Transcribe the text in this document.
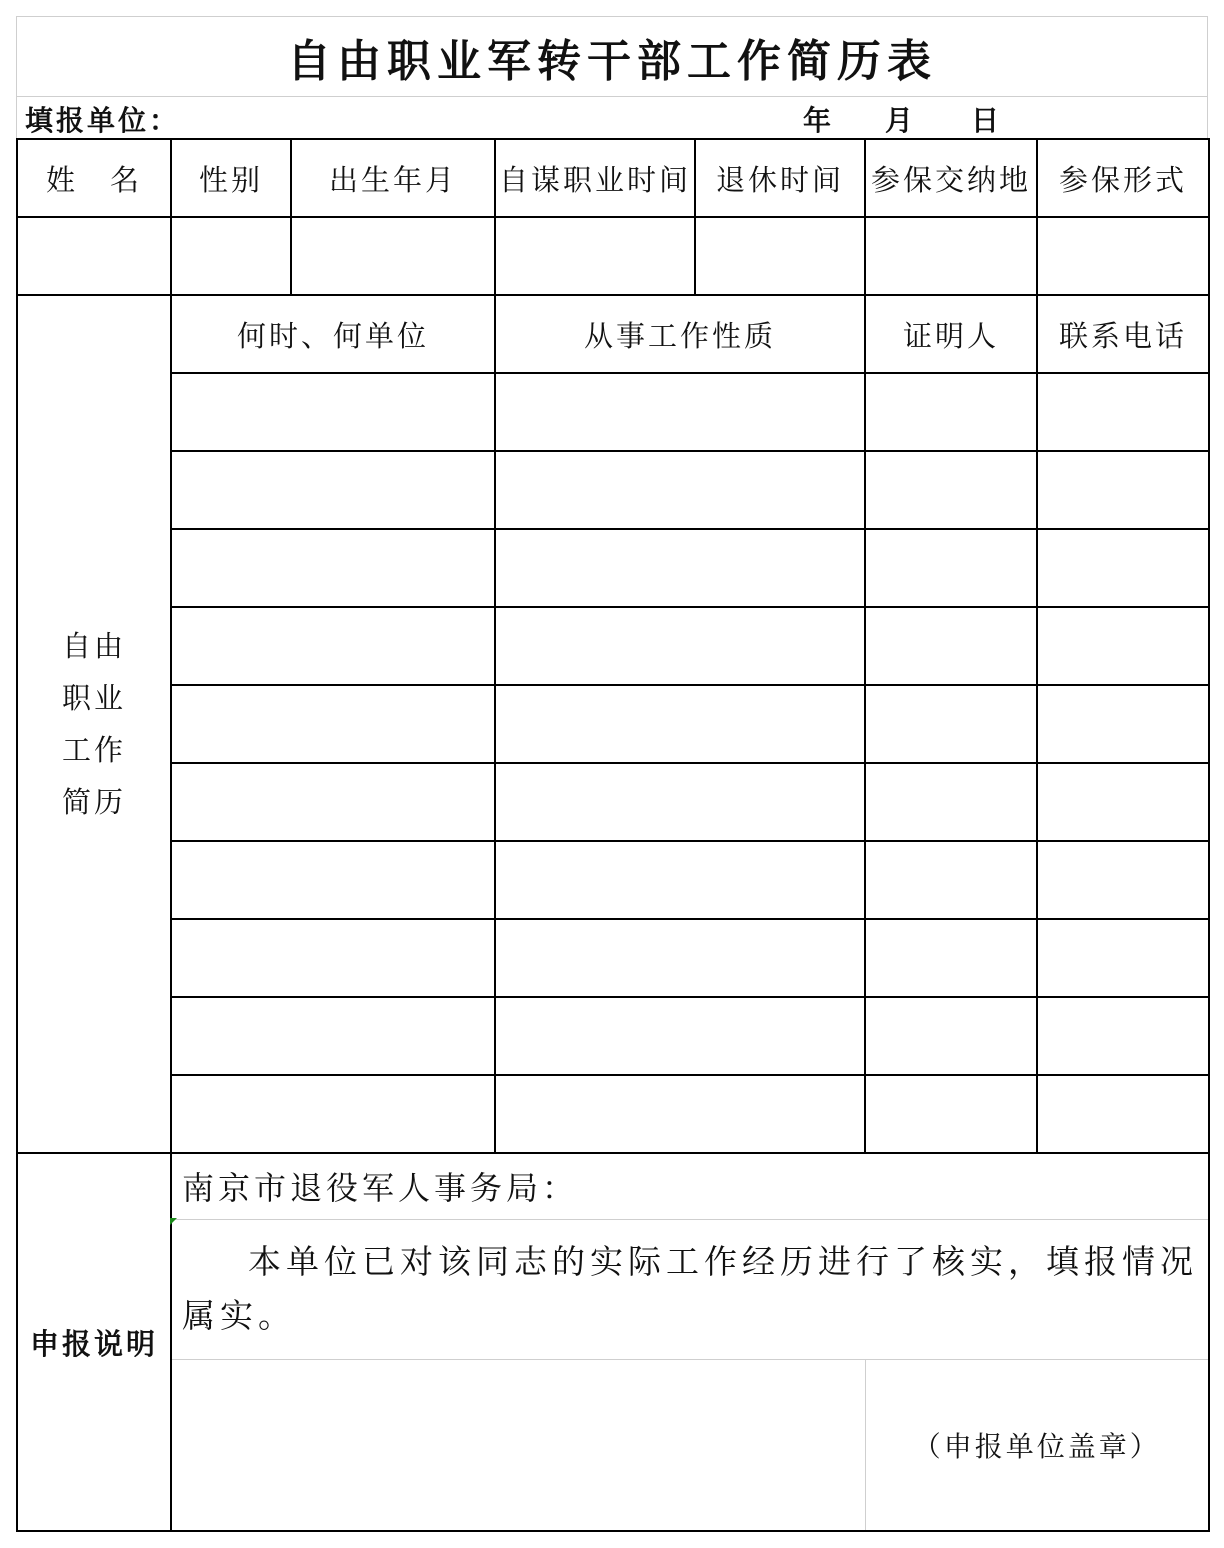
自由职业军转干部工作简历表
填报单位：	年 月 日
姓　名	性别	出生年月	自谋职业时间	退休时间	参保交纳地	参保形式

自由
职业
工作
简历	何时、何单位		从事工作性质		证明人	联系电话

申报说明	南京市退役军人事务局：					
	本单位已对该同志的实际工作经历进行了核实，填报情况属实。					
					（申报单位盖章）	
